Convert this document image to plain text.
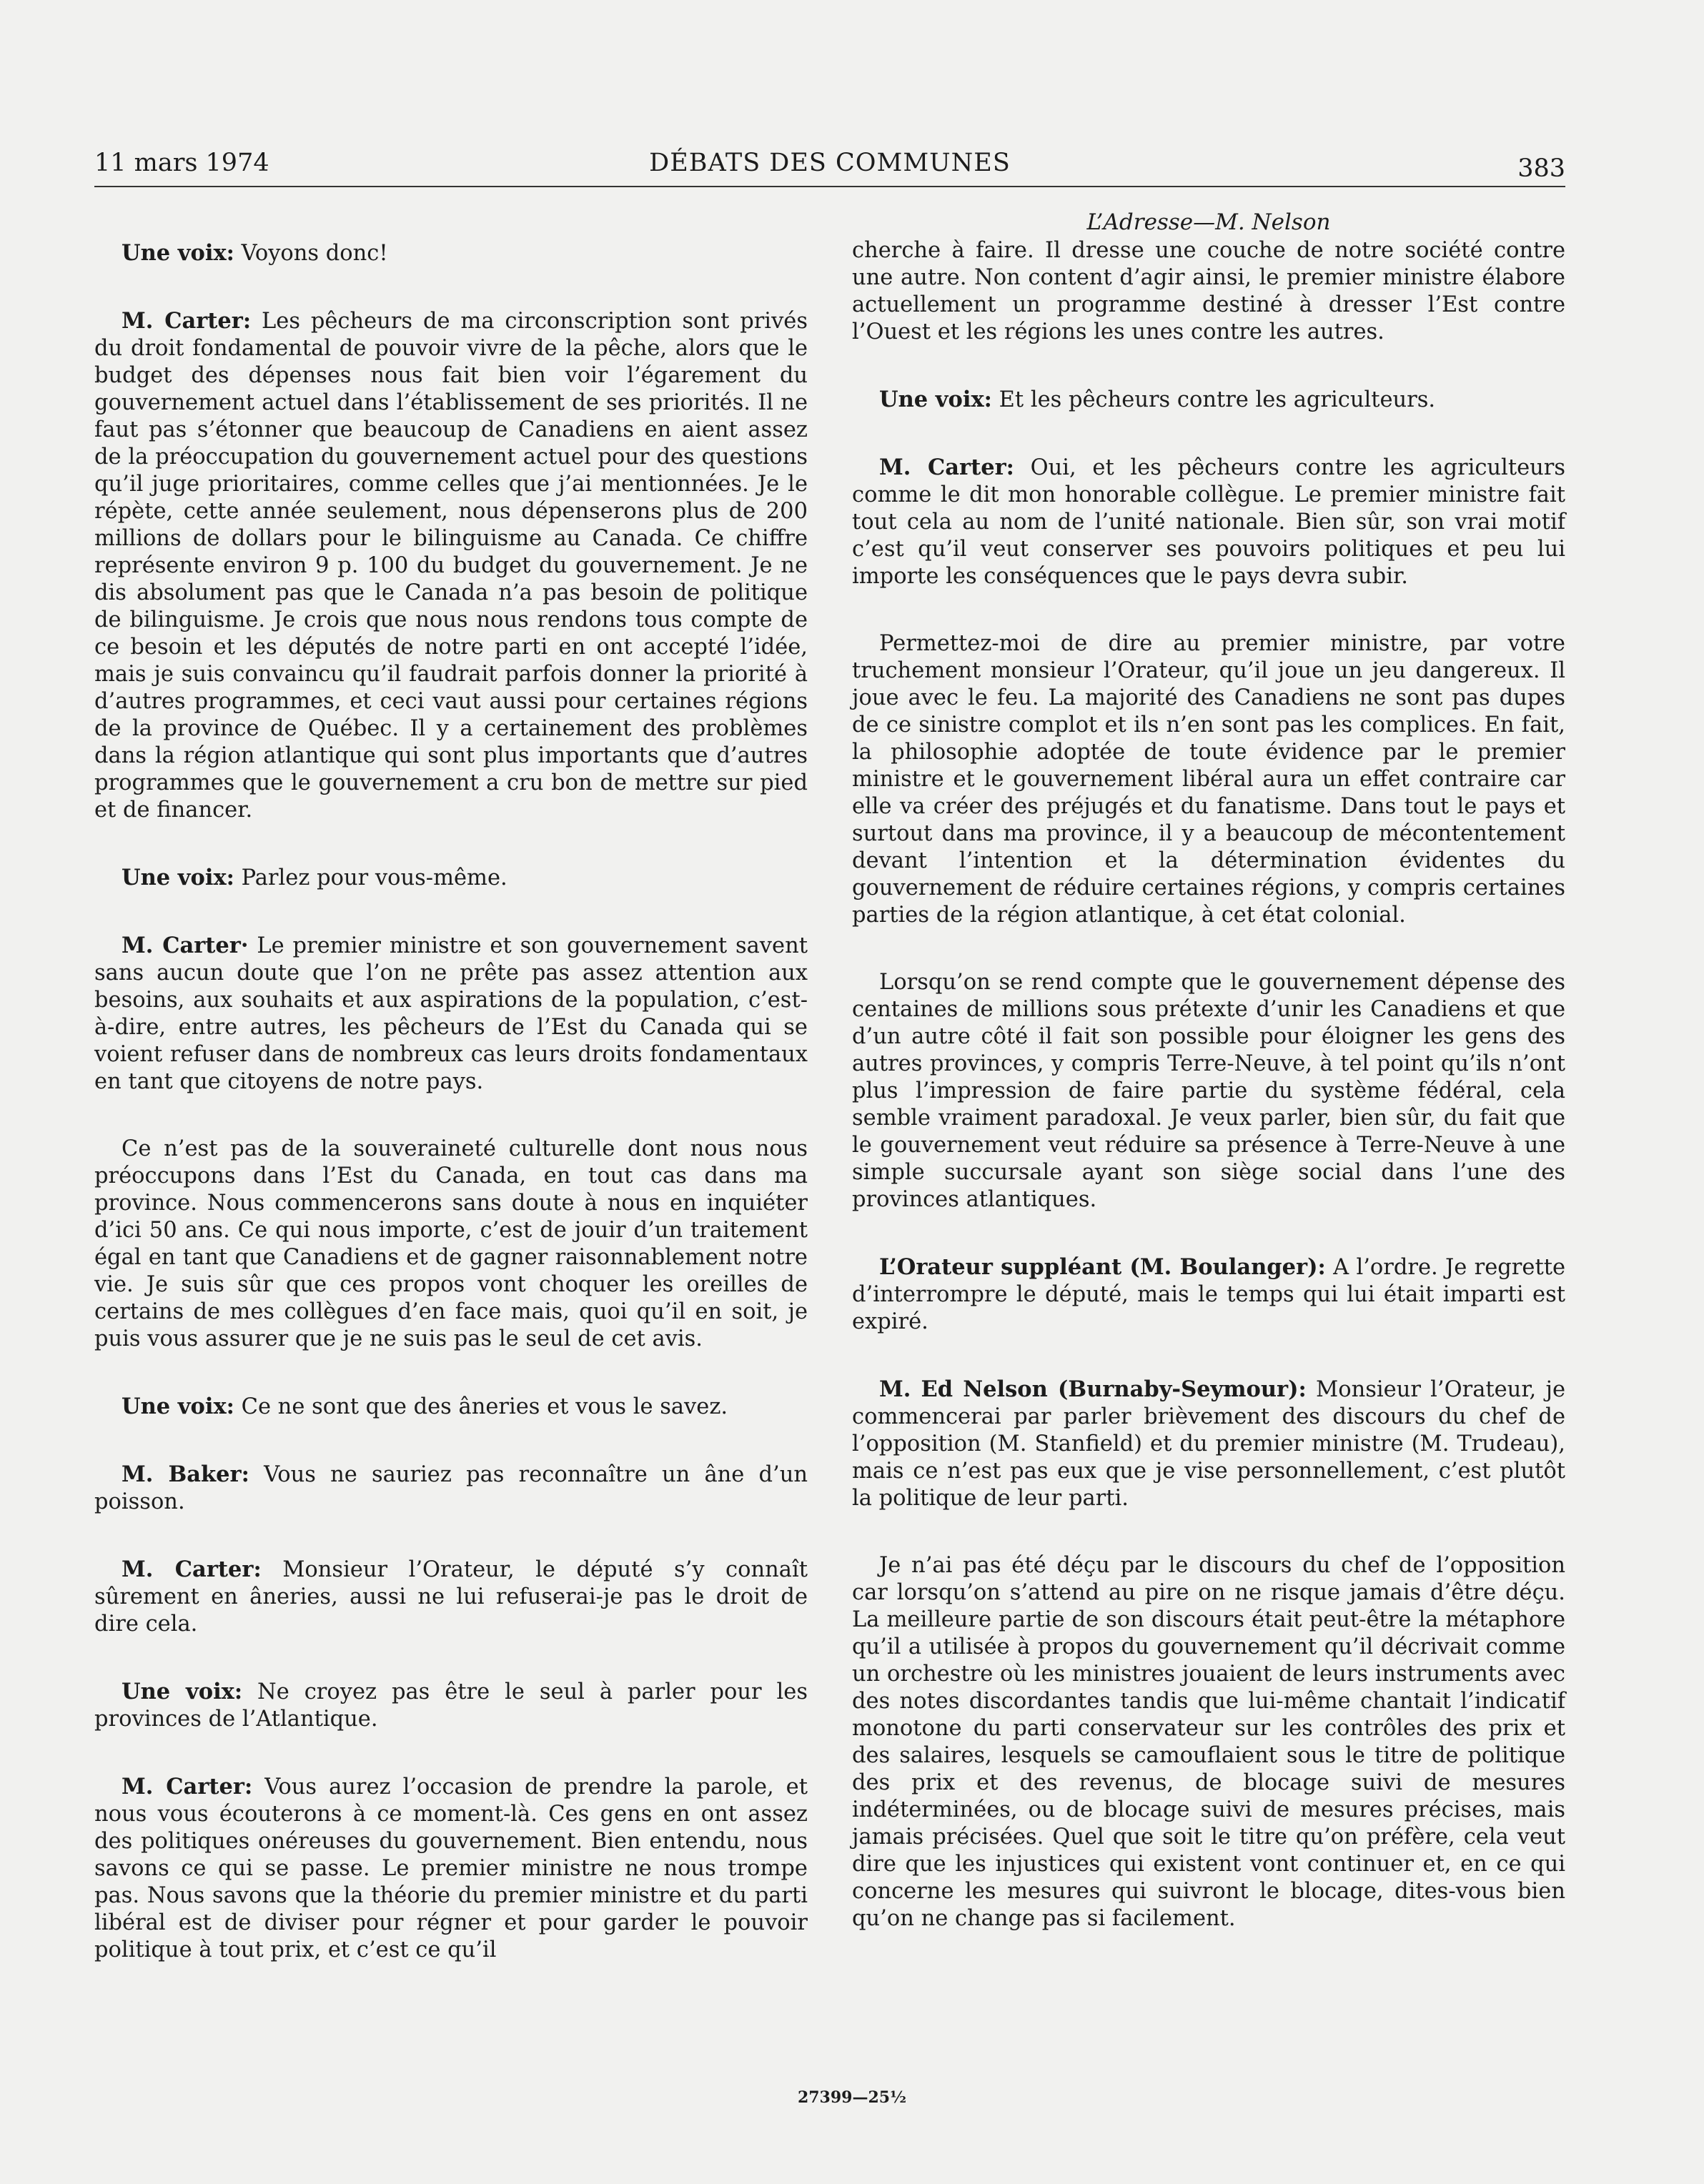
11 mars 1974	DÉBATS DES COMMUNES	383

Une voix: Voyons donc!

M. Carter: Les pêcheurs de ma circonscription sont privés du droit fondamental de pouvoir vivre de la pêche, alors que le budget des dépenses nous fait bien voir l’égarement du gouvernement actuel dans l’établissement de ses priorités. Il ne faut pas s’étonner que beaucoup de Canadiens en aient assez de la préoccupation du gouvernement actuel pour des questions qu’il juge prioritaires, comme celles que j’ai mentionnées. Je le répète, cette année seulement, nous dépenserons plus de 200 millions de dollars pour le bilinguisme au Canada. Ce chiffre représente environ 9 p. 100 du budget du gouvernement. Je ne dis absolument pas que le Canada n’a pas besoin de politique de bilinguisme. Je crois que nous nous rendons tous compte de ce besoin et les députés de notre parti en ont accepté l’idée, mais je suis convaincu qu’il faudrait parfois donner la priorité à d’autres programmes, et ceci vaut aussi pour certaines régions de la province de Québec. Il y a certainement des problèmes dans la région atlantique qui sont plus importants que d’autres programmes que le gouvernement a cru bon de mettre sur pied et de financer.

Une voix: Parlez pour vous-même.

M. Carter· Le premier ministre et son gouvernement savent sans aucun doute que l’on ne prête pas assez attention aux besoins, aux souhaits et aux aspirations de la population, c’est-à-dire, entre autres, les pêcheurs de l’Est du Canada qui se voient refuser dans de nombreux cas leurs droits fondamentaux en tant que citoyens de notre pays.

Ce n’est pas de la souveraineté culturelle dont nous nous préoccupons dans l’Est du Canada, en tout cas dans ma province. Nous commencerons sans doute à nous en inquiéter d’ici 50 ans. Ce qui nous importe, c’est de jouir d’un traitement égal en tant que Canadiens et de gagner raisonnablement notre vie. Je suis sûr que ces propos vont choquer les oreilles de certains de mes collègues d’en face mais, quoi qu’il en soit, je puis vous assurer que je ne suis pas le seul de cet avis.

Une voix: Ce ne sont que des âneries et vous le savez.

M. Baker: Vous ne sauriez pas reconnaître un âne d’un poisson.

M. Carter: Monsieur l’Orateur, le député s’y connaît sûrement en âneries, aussi ne lui refuserai-je pas le droit de dire cela.

Une voix: Ne croyez pas être le seul à parler pour les provinces de l’Atlantique.

M. Carter: Vous aurez l’occasion de prendre la parole, et nous vous écouterons à ce moment-là. Ces gens en ont assez des politiques onéreuses du gouvernement. Bien entendu, nous savons ce qui se passe. Le premier ministre ne nous trompe pas. Nous savons que la théorie du premier ministre et du parti libéral est de diviser pour régner et pour garder le pouvoir politique à tout prix, et c’est ce qu’il

L’Adresse—M. Nelson

cherche à faire. Il dresse une couche de notre société contre une autre. Non content d’agir ainsi, le premier ministre élabore actuellement un programme destiné à dresser l’Est contre l’Ouest et les régions les unes contre les autres.

Une voix: Et les pêcheurs contre les agriculteurs.

M. Carter: Oui, et les pêcheurs contre les agriculteurs comme le dit mon honorable collègue. Le premier ministre fait tout cela au nom de l’unité nationale. Bien sûr, son vrai motif c’est qu’il veut conserver ses pouvoirs politiques et peu lui importe les conséquences que le pays devra subir.

Permettez-moi de dire au premier ministre, par votre truchement monsieur l’Orateur, qu’il joue un jeu dangereux. Il joue avec le feu. La majorité des Canadiens ne sont pas dupes de ce sinistre complot et ils n’en sont pas les complices. En fait, la philosophie adoptée de toute évidence par le premier ministre et le gouvernement libéral aura un effet contraire car elle va créer des préjugés et du fanatisme. Dans tout le pays et surtout dans ma province, il y a beaucoup de mécontentement devant l’intention et la détermination évidentes du gouvernement de réduire certaines régions, y compris certaines parties de la région atlantique, à cet état colonial.

Lorsqu’on se rend compte que le gouvernement dépense des centaines de millions sous prétexte d’unir les Canadiens et que d’un autre côté il fait son possible pour éloigner les gens des autres provinces, y compris Terre-Neuve, à tel point qu’ils n’ont plus l’impression de faire partie du système fédéral, cela semble vraiment paradoxal. Je veux parler, bien sûr, du fait que le gouvernement veut réduire sa présence à Terre-Neuve à une simple succursale ayant son siège social dans l’une des provinces atlantiques.

L’Orateur suppléant (M. Boulanger): A l’ordre. Je regrette d’interrompre le député, mais le temps qui lui était imparti est expiré.

M. Ed Nelson (Burnaby-Seymour): Monsieur l’Orateur, je commencerai par parler brièvement des discours du chef de l’opposition (M. Stanfield) et du premier ministre (M. Trudeau), mais ce n’est pas eux que je vise personnellement, c’est plutôt la politique de leur parti.

Je n’ai pas été déçu par le discours du chef de l’opposition car lorsqu’on s’attend au pire on ne risque jamais d’être déçu. La meilleure partie de son discours était peut-être la métaphore qu’il a utilisée à propos du gouvernement qu’il décrivait comme un orchestre où les ministres jouaient de leurs instruments avec des notes discordantes tandis que lui-même chantait l’indicatif monotone du parti conservateur sur les contrôles des prix et des salaires, lesquels se camouflaient sous le titre de politique des prix et des revenus, de blocage suivi de mesures indéterminées, ou de blocage suivi de mesures précises, mais jamais précisées. Quel que soit le titre qu’on préfère, cela veut dire que les injustices qui existent vont continuer et, en ce qui concerne les mesures qui suivront le blocage, dites-vous bien qu’on ne change pas si facilement.

27399—25½
